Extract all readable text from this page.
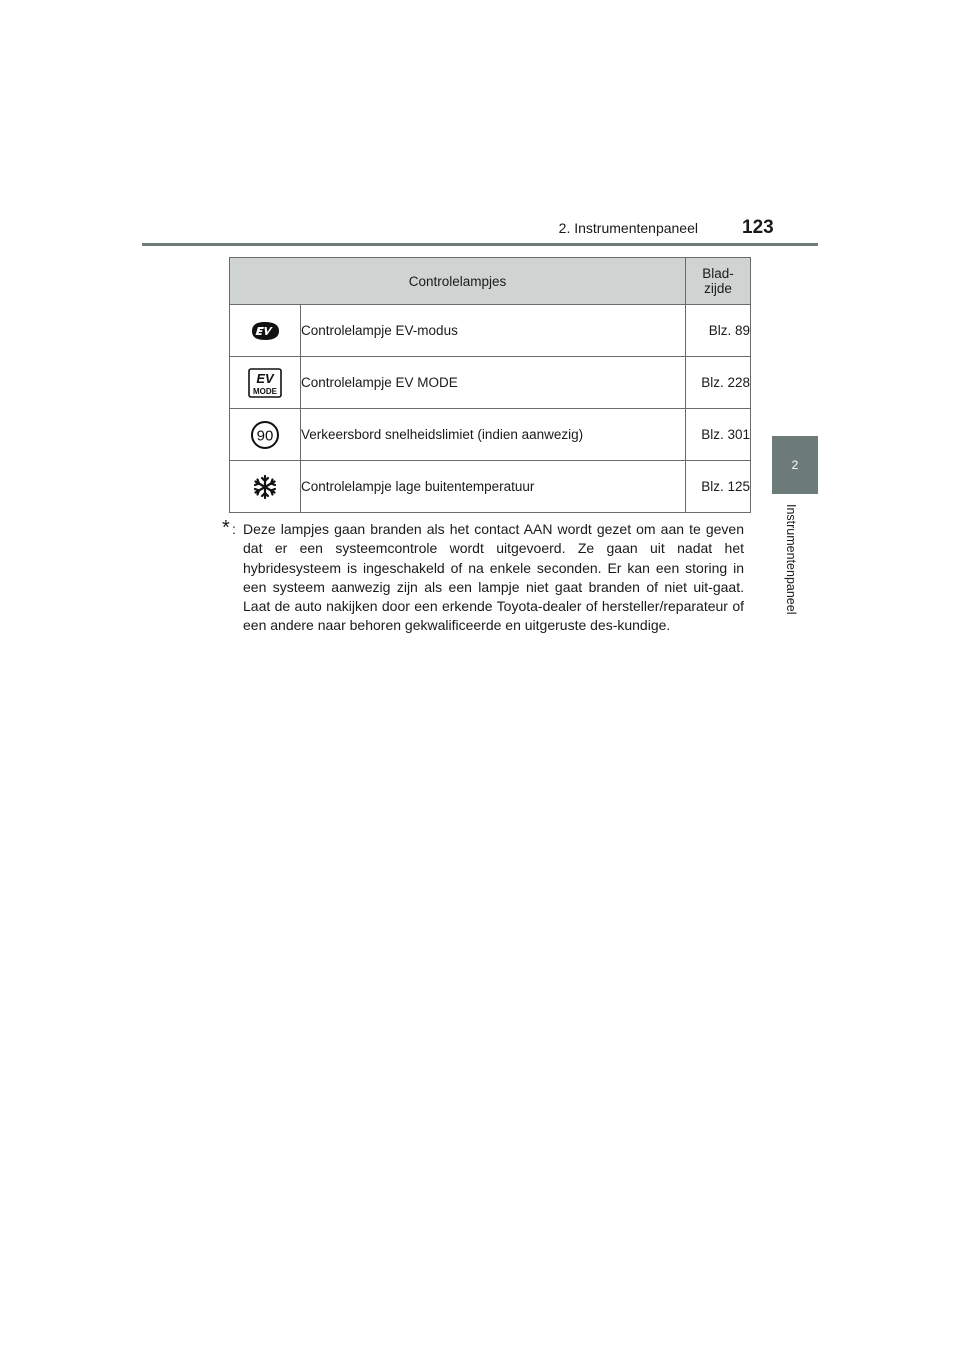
2. Instrumentenpaneel 123
2
Instrumentenpaneel
Controlelampjes		Blad-
zijde

	Controlelampje EV-modus	Blz. 89

EV
MODE	Controlelampje EV MODE	Blz. 228

90	Verkeersbord snelheidslimiet (indien aanwezig)	Blz. 301

	Controlelampje lage buitentemperatuur	Blz. 125
* : Deze lampjes gaan branden als het contact AAN wordt gezet om aan te geven dat er een systeemcontrole wordt uitgevoerd. Ze gaan uit nadat het hybridesysteem is ingeschakeld of na enkele seconden. Er kan een storing in een systeem aanwezig zijn als een lampje niet gaat branden of niet uit-gaat. Laat de auto nakijken door een erkende Toyota-dealer of hersteller/reparateur of een andere naar behoren gekwalificeerde en uitgeruste des-kundige.
